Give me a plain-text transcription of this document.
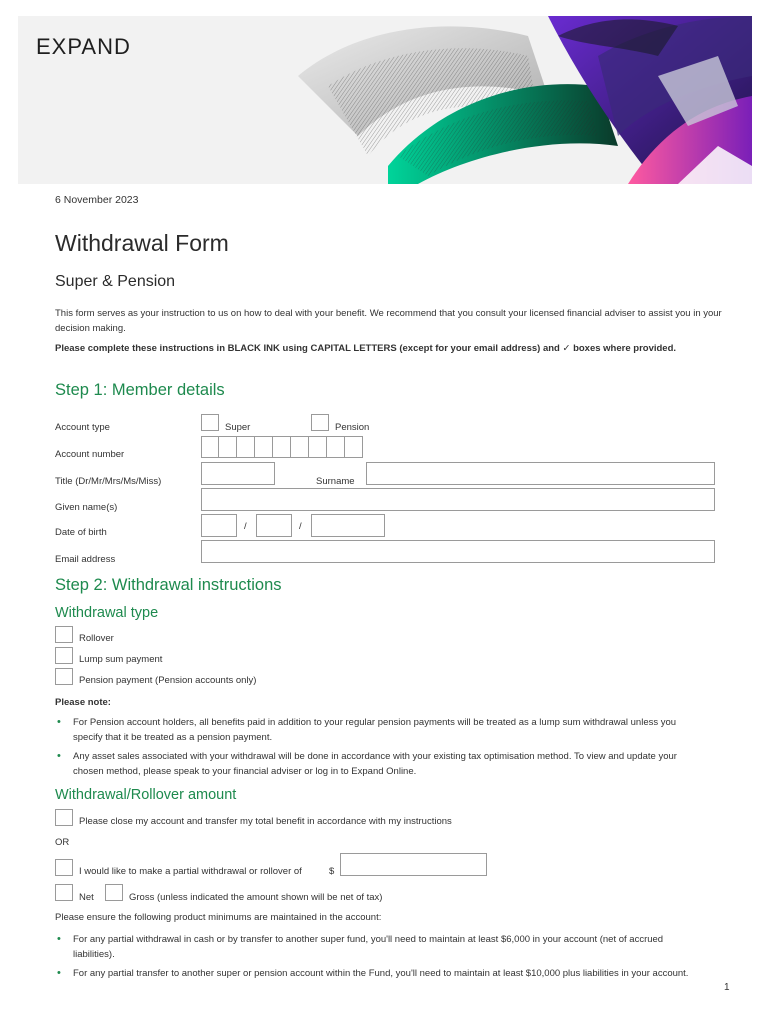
EXPAND
6 November 2023
Withdrawal Form
Super & Pension
This form serves as your instruction to us on how to deal with your benefit. We recommend that you consult your licensed financial adviser to assist you in your decision making.
Please complete these instructions in BLACK INK using CAPITAL LETTERS (except for your email address) and ✓ boxes where provided.
Step 1: Member details
Account type	Super	Pension
Account number
Title (Dr/Mr/Mrs/Ms/Miss)	Surname
Given name(s)
Date of birth
/	/
Email address
Step 2: Withdrawal instructions
Withdrawal type
Rollover
Lump sum payment
Pension payment (Pension accounts only)
Please note:
• For Pension account holders, all benefits paid in addition to your regular pension payments will be treated as a lump sum withdrawal unless you specify that it be treated as a pension payment.
• Any asset sales associated with your withdrawal will be done in accordance with your existing tax optimisation method. To view and update your chosen method, please speak to your financial adviser or log in to Expand Online.
Withdrawal/Rollover amount
Please close my account and transfer my total benefit in accordance with my instructions
OR
I would like to make a partial withdrawal or rollover of	$
Net	Gross (unless indicated the amount shown will be net of tax)
Please ensure the following product minimums are maintained in the account:
• For any partial withdrawal in cash or by transfer to another super fund, you'll need to maintain at least $6,000 in your account (net of accrued liabilities).
• For any partial transfer to another super or pension account within the Fund, you'll need to maintain at least $10,000 plus liabilities in your account.
1
